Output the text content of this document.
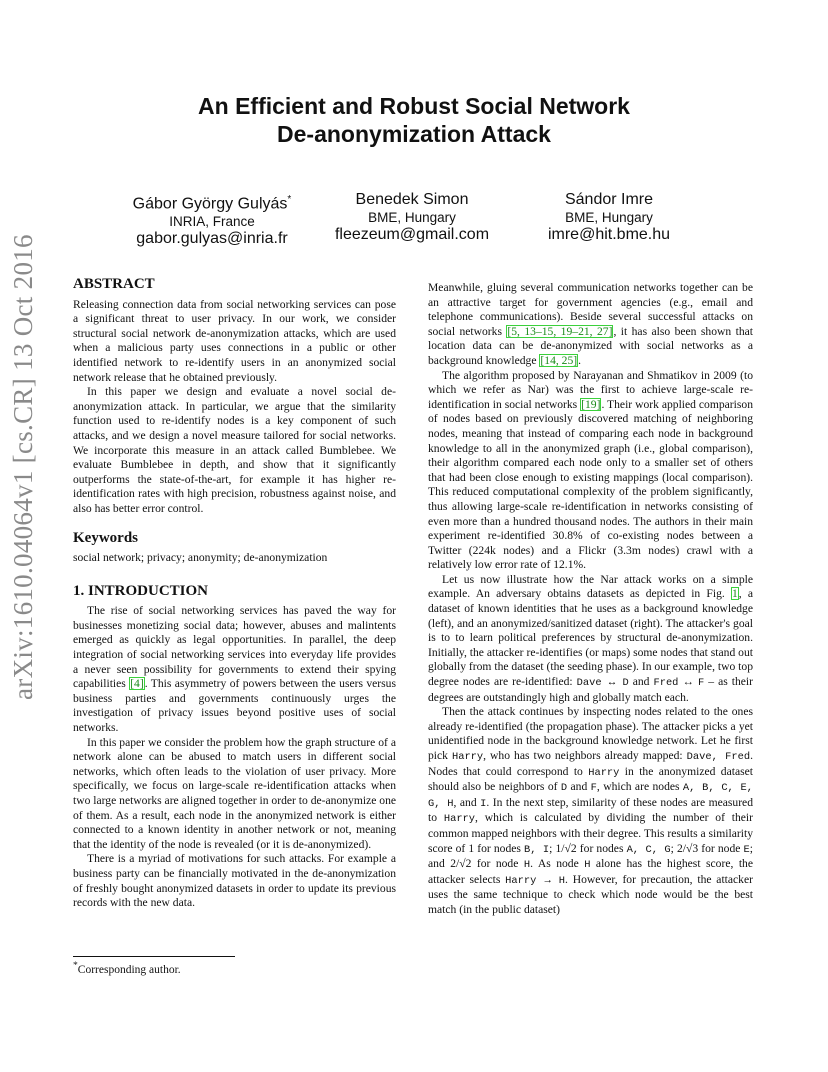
arXiv:1610.04064v1 [cs.CR] 13 Oct 2016
An Efficient and Robust Social Network
De-anonymization Attack
Gábor György Gulyás*
INRIA, France
gabor.gulyas@inria.fr
Benedek Simon
BME, Hungary
fleezeum@gmail.com
Sándor Imre
BME, Hungary
imre@hit.bme.hu
ABSTRACT

Releasing connection data from social networking services can pose a significant threat to user privacy. In our work, we consider structural social network de-anonymization attacks, which are used when a malicious party uses connections in a public or other identified network to re-identify users in an anonymized social network release that he obtained previously.

In this paper we design and evaluate a novel social de-anonymization attack. In particular, we argue that the similarity function used to re-identify nodes is a key component of such attacks, and we design a novel measure tailored for social networks. We incorporate this measure in an attack called Bumblebee. We evaluate Bumblebee in depth, and show that it significantly outperforms the state-of-the-art, for example it has higher re-identification rates with high precision, robustness against noise, and also has better error control.

Keywords

social network; privacy; anonymity; de-anonymization

1. INTRODUCTION

The rise of social networking services has paved the way for businesses monetizing social data; however, abuses and malintents emerged as quickly as legal opportunities. In parallel, the deep integration of social networking services into everyday life provides a never seen possibility for governments to extend their spying capabilities [4]. This asymmetry of powers between the users versus business parties and governments continuously urges the investigation of privacy issues beyond positive uses of social networks.

In this paper we consider the problem how the graph structure of a network alone can be abused to match users in different social networks, which often leads to the violation of user privacy. More specifically, we focus on large-scale re-identification attacks when two large networks are aligned together in order to de-anonymize one of them. As a result, each node in the anonymized network is either connected to a known identity in another network or not, meaning that the identity of the node is revealed (or it is de-anonymized).

There is a myriad of motivations for such attacks. For example a business party can be financially motivated in the de-anonymization of freshly bought anonymized datasets in order to update its previous records with the new data.

*Corresponding author.

Meanwhile, gluing several communication networks together can be an attractive target for government agencies (e.g., email and telephone communications). Beside several successful attacks on social networks [5, 13–15, 19–21, 27], it has also been shown that location data can be de-anonymized with social networks as a background knowledge [14, 25].

The algorithm proposed by Narayanan and Shmatikov in 2009 (to which we refer as Nar) was the first to achieve large-scale re-identification in social networks [19]. Their work applied comparison of nodes based on previously discovered matching of neighboring nodes, meaning that instead of comparing each node in background knowledge to all in the anonymized graph (i.e., global comparison), their algorithm compared each node only to a smaller set of others that had been close enough to existing mappings (local comparison). This reduced computational complexity of the problem significantly, thus allowing large-scale re-identification in networks consisting of even more than a hundred thousand nodes. The authors in their main experiment re-identified 30.8% of co-existing nodes between a Twitter (224k nodes) and a Flickr (3.3m nodes) crawl with a relatively low error rate of 12.1%.

Let us now illustrate how the Nar attack works on a simple example. An adversary obtains datasets as depicted in Fig. 1, a dataset of known identities that he uses as a background knowledge (left), and an anonymized/sanitized dataset (right). The attacker's goal is to to learn political preferences by structural de-anonymization. Initially, the attacker re-identifies (or maps) some nodes that stand out globally from the dataset (the seeding phase). In our example, two top degree nodes are re-identified: Dave ↔ D and Fred ↔ F – as their degrees are outstandingly high and globally match each.

Then the attack continues by inspecting nodes related to the ones already re-identified (the propagation phase). The attacker picks a yet unidentified node in the background knowledge network. Let he first pick Harry, who has two neighbors already mapped: Dave, Fred. Nodes that could correspond to Harry in the anonymized dataset should also be neighbors of D and F, which are nodes A, B, C, E, G, H, and I. In the next step, similarity of these nodes are measured to Harry, which is calculated by dividing the number of their common mapped neighbors with their degree. This results a similarity score of 1 for nodes B, I; 1/√2 for nodes A, C, G; 2/√3 for node E; and 2/√2 for node H. As node H alone has the highest score, the attacker selects Harry → H. However, for precaution, the attacker uses the same technique to check which node would be the best match (in the public dataset)
